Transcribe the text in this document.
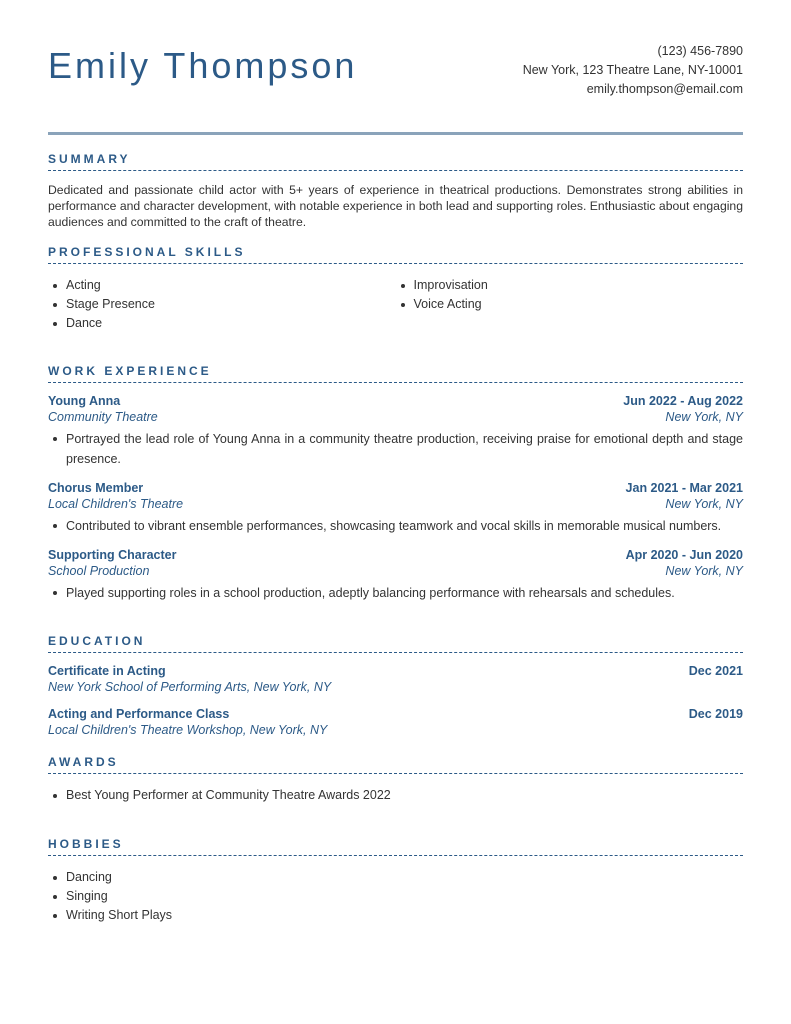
Emily Thompson	(123) 456-7890
New York, 123 Theatre Lane, NY-10001
emily.thompson@email.com
SUMMARY
Dedicated and passionate child actor with 5+ years of experience in theatrical productions. Demonstrates strong abilities in performance and character development, with notable experience in both lead and supporting roles. Enthusiastic about engaging audiences and committed to the craft of theatre.
PROFESSIONAL SKILLS
Acting
Stage Presence
Dance
Improvisation
Voice Acting
WORK EXPERIENCE
Young Anna	Jun 2022 - Aug 2022
Community Theatre	New York, NY
Portrayed the lead role of Young Anna in a community theatre production, receiving praise for emotional depth and stage presence.
Chorus Member	Jan 2021 - Mar 2021
Local Children's Theatre	New York, NY
Contributed to vibrant ensemble performances, showcasing teamwork and vocal skills in memorable musical numbers.
Supporting Character	Apr 2020 - Jun 2020
School Production	New York, NY
Played supporting roles in a school production, adeptly balancing performance with rehearsals and schedules.
EDUCATION
Certificate in Acting	Dec 2021
New York School of Performing Arts, New York, NY
Acting and Performance Class	Dec 2019
Local Children's Theatre Workshop, New York, NY
AWARDS
Best Young Performer at Community Theatre Awards 2022
HOBBIES
Dancing
Singing
Writing Short Plays
